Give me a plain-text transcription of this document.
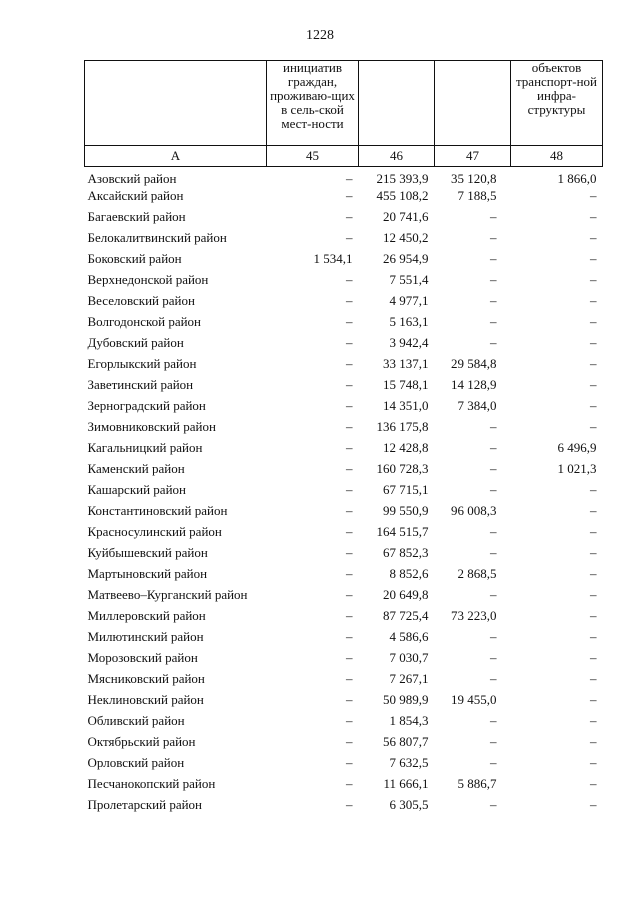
1228
	инициатив граждан, проживаю-щих в сель-ской мест-ности			объектов транспорт-ной инфра-структуры
А	45	46	47	48
Азовский район	–	215 393,9	35 120,8	1 866,0
Аксайский район	–	455 108,2	7 188,5	–
Багаевский район	–	20 741,6	–	–
Белокалитвинский район	–	12 450,2	–	–
Боковский район	1 534,1	26 954,9	–	–
Верхнедонской район	–	7 551,4	–	–
Веселовский район	–	4 977,1	–	–
Волгодонской район	–	5 163,1	–	–
Дубовский район	–	3 942,4	–	–
Егорлыкский район	–	33 137,1	29 584,8	–
Заветинский район	–	15 748,1	14 128,9	–
Зерноградский район	–	14 351,0	7 384,0	–
Зимовниковский район	–	136 175,8	–	–
Кагальницкий район	–	12 428,8	–	6 496,9
Каменский район	–	160 728,3	–	1 021,3
Кашарский район	–	67 715,1	–	–
Константиновский район	–	99 550,9	96 008,3	–
Красносулинский район	–	164 515,7	–	–
Куйбышевский район	–	67 852,3	–	–
Мартыновский район	–	8 852,6	2 868,5	–
Матвеево–Курганский район	–	20 649,8	–	–
Миллеровский район	–	87 725,4	73 223,0	–
Милютинский район	–	4 586,6	–	–
Морозовский район	–	7 030,7	–	–
Мясниковский район	–	7 267,1	–	–
Неклиновский район	–	50 989,9	19 455,0	–
Обливский район	–	1 854,3	–	–
Октябрьский район	–	56 807,7	–	–
Орловский район	–	7 632,5	–	–
Песчанокопский район	–	11 666,1	5 886,7	–
Пролетарский район	–	6 305,5	–	–
